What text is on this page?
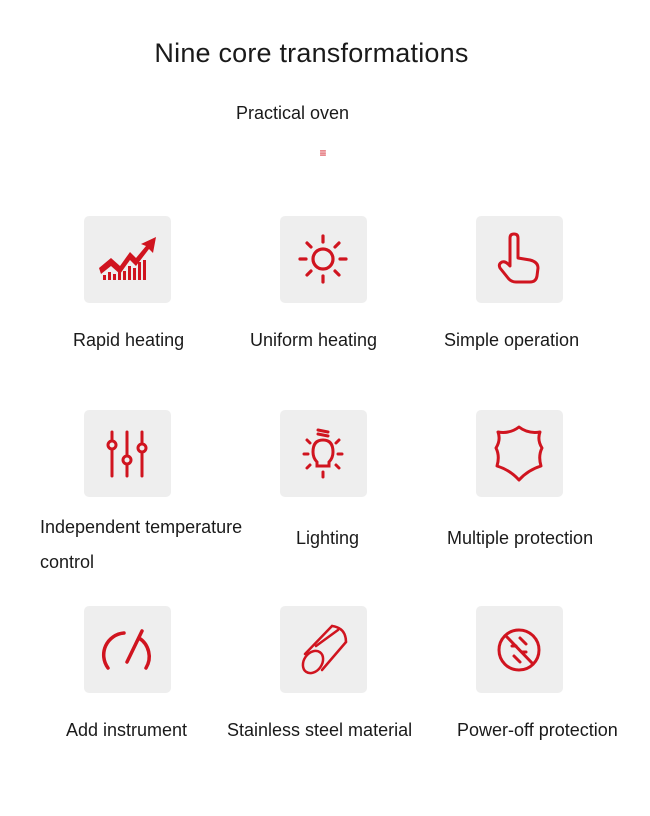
Nine core transformations
Practical oven
≡
Rapid heating	Uniform heating	Simple operation
Independent temperature control
Lighting	Multiple protection
Add instrument	Stainless steel material	Power-off protection
